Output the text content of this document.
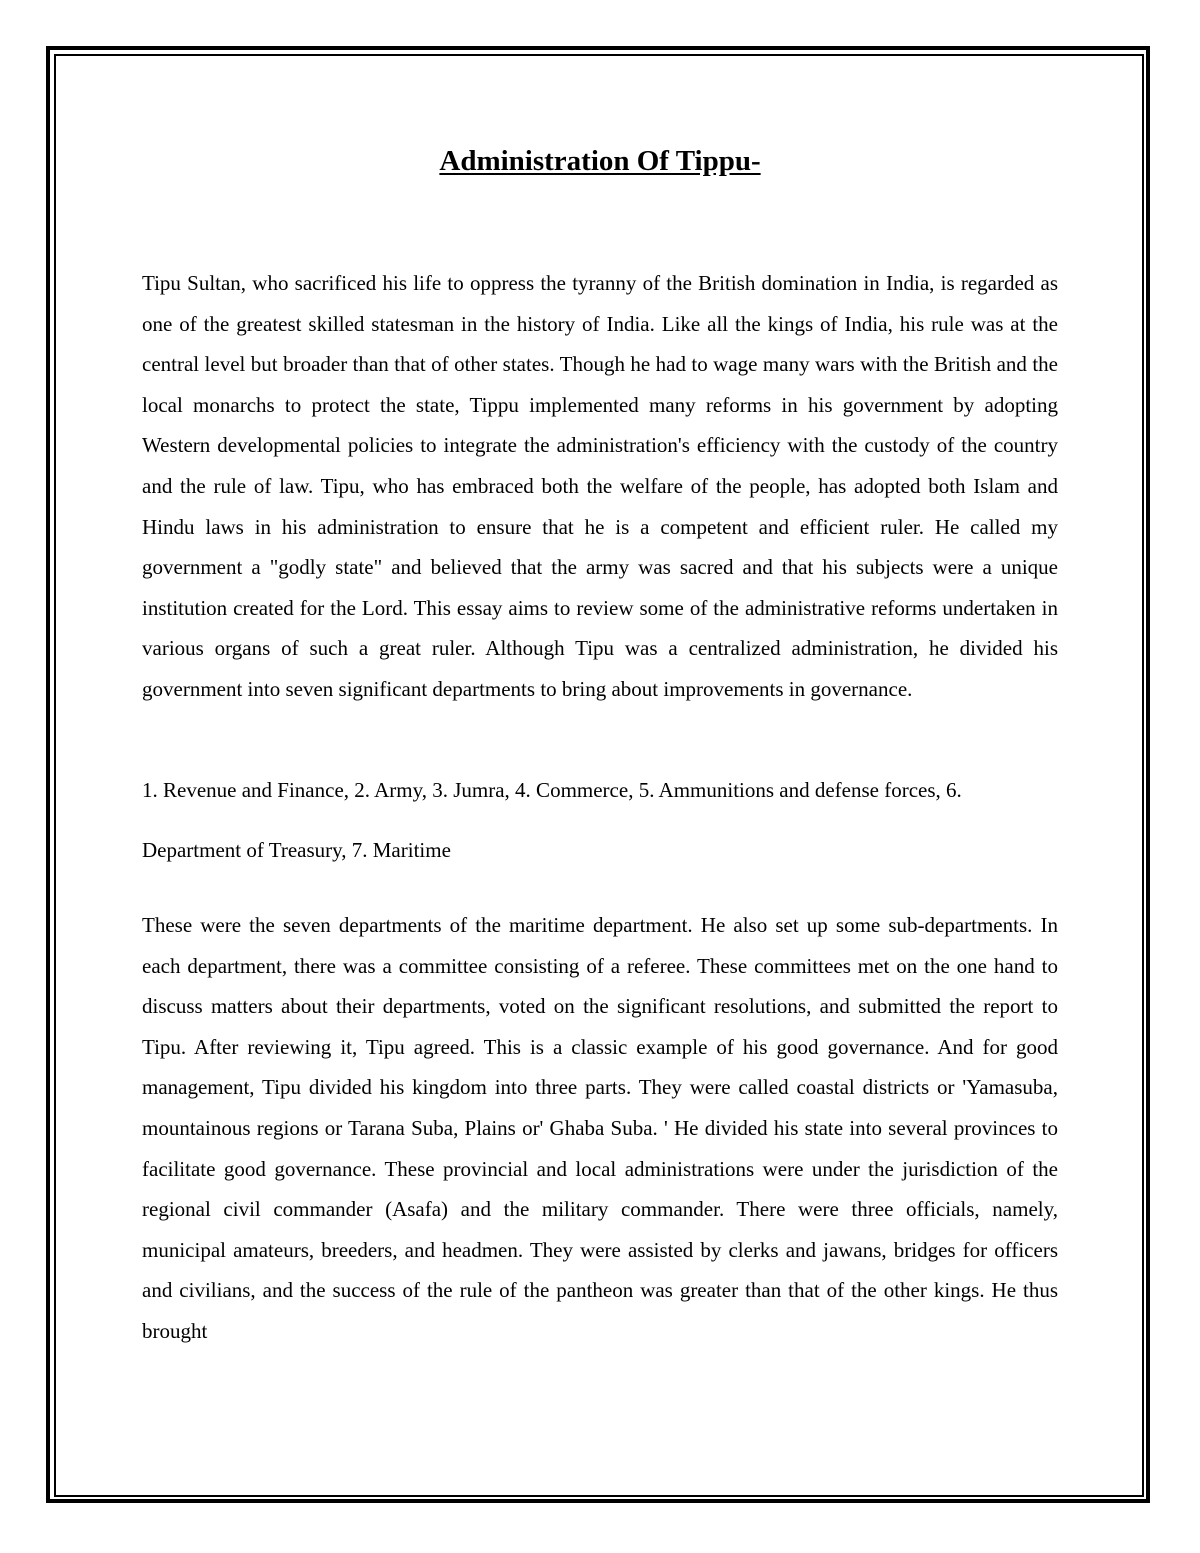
Administration Of Tippu-

Tipu Sultan, who sacrificed his life to oppress the tyranny of the British domination in India, is regarded as one of the greatest skilled statesman in the history of India. Like all the kings of India, his rule was at the central level but broader than that of other states. Though he had to wage many wars with the British and the local monarchs to protect the state, Tippu implemented many reforms in his government by adopting Western developmental policies to integrate the administration's efficiency with the custody of the country and the rule of law. Tipu, who has embraced both the welfare of the people, has adopted both Islam and Hindu laws in his administration to ensure that he is a competent and efficient ruler. He called my government a "godly state" and believed that the army was sacred and that his subjects were a unique institution created for the Lord. This essay aims to review some of the administrative reforms undertaken in various organs of such a great ruler. Although Tipu was a centralized administration, he divided his government into seven significant departments to bring about improvements in governance.

1. Revenue and Finance, 2. Army, 3. Jumra, 4. Commerce, 5. Ammunitions and defense forces, 6.

Department of Treasury, 7. Maritime

These were the seven departments of the maritime department. He also set up some sub-departments. In each department, there was a committee consisting of a referee. These committees met on the one hand to discuss matters about their departments, voted on the significant resolutions, and submitted the report to Tipu. After reviewing it, Tipu agreed. This is a classic example of his good governance. And for good management, Tipu divided his kingdom into three parts. They were called coastal districts or 'Yamasuba, mountainous regions or Tarana Suba, Plains or' Ghaba Suba. ' He divided his state into several provinces to facilitate good governance. These provincial and local administrations were under the jurisdiction of the regional civil commander (Asafa) and the military commander. There were three officials, namely, municipal amateurs, breeders, and headmen. They were assisted by clerks and jawans, bridges for officers and civilians, and the success of the rule of the pantheon was greater than that of the other kings. He thus brought
